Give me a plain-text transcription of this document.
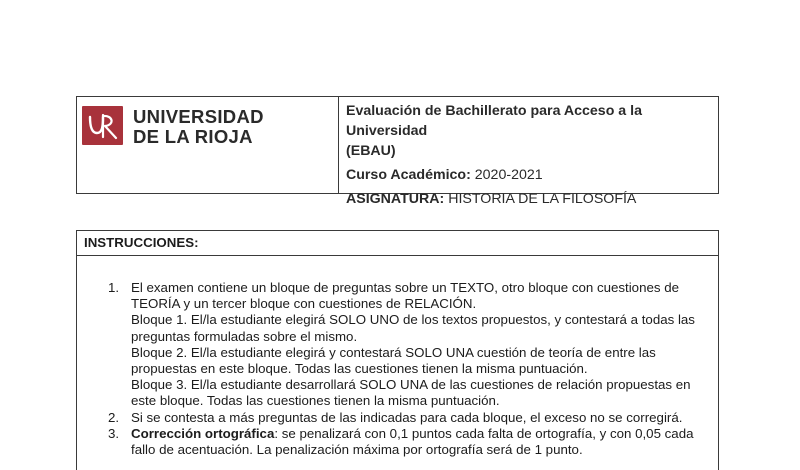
UNIVERSIDAD
DE LA RIOJA
Evaluación de Bachillerato para Acceso a la Universidad
(EBAU)
Curso Académico: 2020-2021
ASIGNATURA: HISTORIA DE LA FILOSOFÍA
INSTRUCCIONES:
1. El examen contiene un bloque de preguntas sobre un TEXTO, otro bloque con cuestiones de
TEORÍA y un tercer bloque con cuestiones de RELACIÓN.
Bloque 1. El/la estudiante elegirá SOLO UNO de los textos propuestos, y contestará a todas las
preguntas formuladas sobre el mismo.
Bloque 2. El/la estudiante elegirá y contestará SOLO UNA cuestión de teoría de entre las
propuestas en este bloque. Todas las cuestiones tienen la misma puntuación.
Bloque 3. El/la estudiante desarrollará SOLO UNA de las cuestiones de relación propuestas en
este bloque. Todas las cuestiones tienen la misma puntuación.
2. Si se contesta a más preguntas de las indicadas para cada bloque, el exceso no se corregirá.
3. Corrección ortográfica: se penalizará con 0,1 puntos cada falta de ortografía, y con 0,05 cada
fallo de acentuación. La penalización máxima por ortografía será de 1 punto.
